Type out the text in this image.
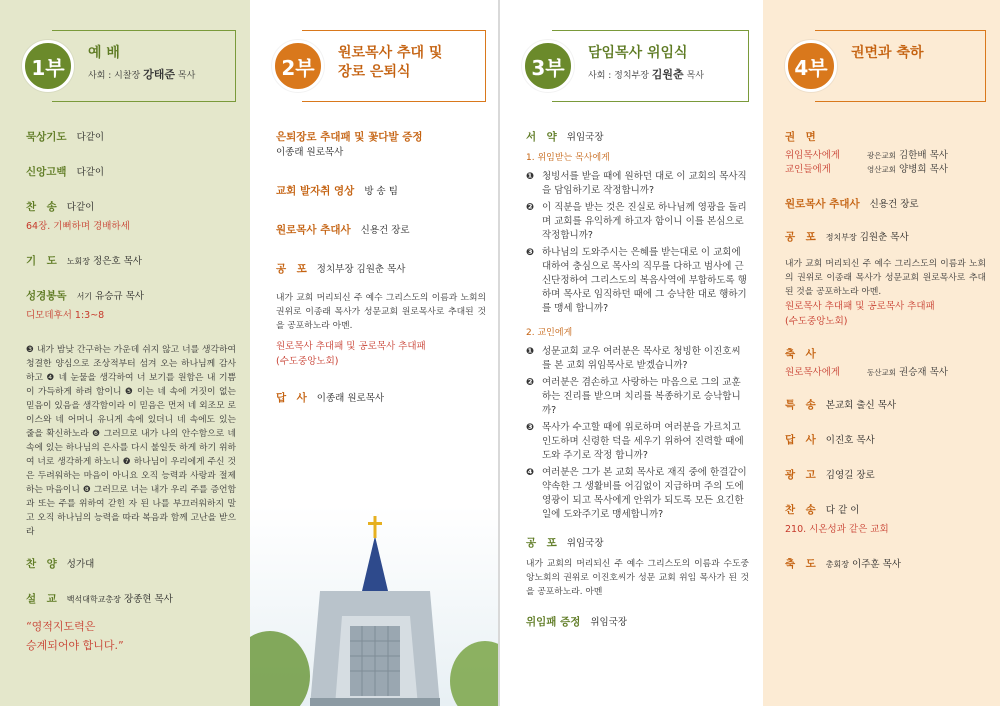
1부
예 배
사회 : 시찰장 강태준 목사
묵상기도 다같이
신앙고백 다같이
찬　송 다같이
64장. 기뻐하며 경배하세
기　도 노회장 정은호 목사
성경봉독 서기 유승규 목사
디모데후서 1:3~8
❸ 내가 밤낮 간구하는 가운데 쉬지 않고 너를 생각하여 청결한 양심으로 조상적부터 섬겨 오는 하나님께 감사하고 ❹ 네 눈물을 생각하여 너 보기를 원함은 내 기쁨이 가득하게 하려 함이니 ❺ 이는 네 속에 거짓이 없는 믿음이 있음을 생각함이라 이 믿음은 먼저 네 외조모 로이스와 네 어머니 유니게 속에 있더니 네 속에도 있는 줄을 확신하노라 ❻ 그러므로 내가 나의 안수함으로 네 속에 있는 하나님의 은사를 다시 불일듯 하게 하기 위하여 너로 생각하게 하노니 ❼ 하나님이 우리에게 주신 것은 두려워하는 마음이 아니요 오직 능력과 사랑과 절제하는 마음이니 ❽ 그러므로 너는 내가 우리 주를 증언함과 또는 주를 위하여 갇힌 자 된 나를 부끄러워하지 말고 오직 하나님의 능력을 따라 복음과 함께 고난을 받으라
찬　양 성가대
설　교 백석대학교총장 장종현 목사
“영적지도력은
승계되어야 합니다.”
2부
원로목사 추대 및
장로 은퇴식
은퇴장로 추대패 및 꽃다발 증정
이종래 원로목사
교회 발자취 영상 방 송 팀
원로목사 추대사 신용건 장로
공　포 정치부장 김원춘 목사
내가 교회 머리되신 주 예수 그리스도의 이름과 노회의 권위로 이종래 목사가 성문교회 원로목사로 추대된 것을 공포하노라 아멘.
원로목사 추대패 및 공로목사 추대패
(수도중앙노회)
답　사 이종래 원로목사
3부
담임목사 위임식
사회 : 정치부장 김원춘 목사
서　약 위임국장
1. 위임받는 목사에게
❶ 청빙서를 받을 때에 원하던 대로 이 교회의 목사직을 담임하기로 작정합니까?
❷ 이 직분을 받는 것은 진실로 하나님께 영광을 돌리며 교회를 유익하게 하고자 함이니 이를 본심으로 작정합니까?
❸ 하나님의 도와주시는 은혜를 받는대로 이 교회에 대하여 충심으로 목사의 직무를 다하고 범사에 근신단정하여 그리스도의 복음사역에 부합하도록 행하며 목사로 임직하던 때에 그 승낙한 대로 행하기를 맹세 합니까?
2. 교인에게
❶ 성문교회 교우 여러분은 목사로 청빙한 이진호씨를 본 교회 위임목사로 받겠습니까?
❷ 여러분은 겸손하고 사랑하는 마음으로 그의 교훈하는 진리를 받으며 치리를 복종하기로 승낙합니까?
❸ 목사가 수고할 때에 위로하며 여러분을 가르치고 인도하며 신령한 덕을 세우기 위하여 진력할 때에 도와 주기로 작정 합니까?
❹ 여러분은 그가 본 교회 목사로 재직 중에 한결같이 약속한 그 생활비를 어김없이 지급하며 주의 도에 영광이 되고 목사에게 안위가 되도록 모든 요긴한 일에 도와주기로 맹세합니까?
공　포 위임국장
내가 교회의 머리되신 주 예수 그리스도의 이름과 수도중앙노회의 권위로 이진호씨가 성문 교회 위임 목사가 된 것을 공포하노라. 아멘
위임패 증정 위임국장
4부
권면과 축하
권　면
위임목사에게	광은교회 김한배 목사
교인들에게	영산교회 양병희 목사
원로목사 추대사 신용건 장로
공　포 정치부장 김원춘 목사
내가 교회 머리되신 주 예수 그리스도의 이름과 노회의 권위로 이종래 목사가 성문교회 원로목사로 추대된 것을 공포하노라 아멘.
원로목사 추대패 및 공로목사 추대패
(수도중앙노회)
축　사
원로목사에게	동산교회 권승재 목사
특　송 본교회 출신 목사
답　사 이진호 목사
광　고 김영길 장로
찬　송 다 같 이
210. 시온성과 같은 교회
축　도 총회장 이주훈 목사
